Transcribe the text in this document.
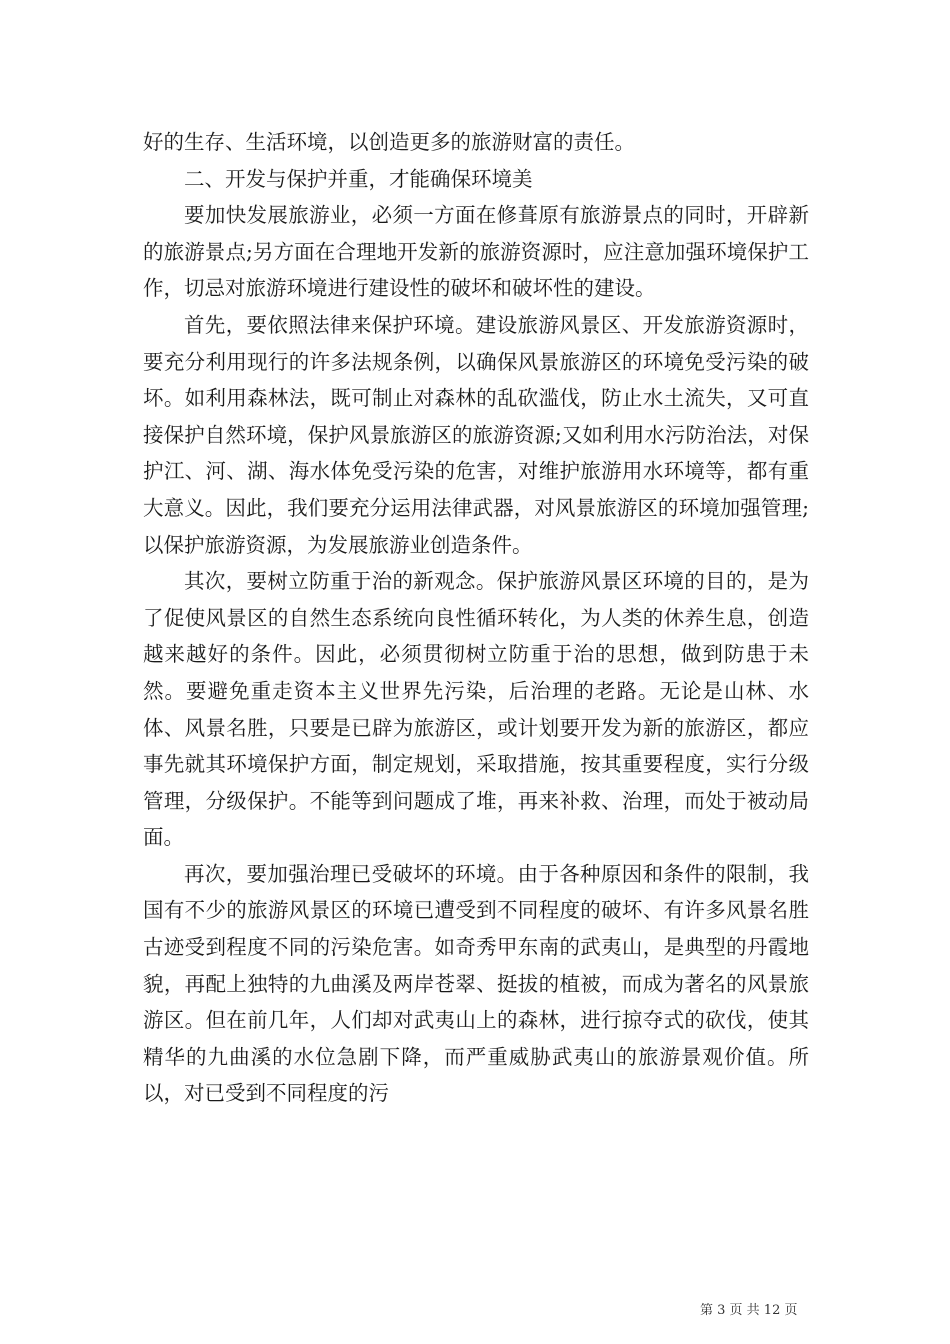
好的生存、生活环境，以创造更多的旅游财富的责任。

二、开发与保护并重，才能确保环境美

要加快发展旅游业，必须一方面在修葺原有旅游景点的同时，开辟新的旅游景点;另方面在合理地开发新的旅游资源时，应注意加强环境保护工作，切忌对旅游环境进行建设性的破坏和破坏性的建设。

首先，要依照法律来保护环境。建设旅游风景区、开发旅游资源时，要充分利用现行的许多法规条例，以确保风景旅游区的环境免受污染的破坏。如利用森林法，既可制止对森林的乱砍滥伐，防止水土流失，又可直接保护自然环境，保护风景旅游区的旅游资源;又如利用水污防治法，对保护江、河、湖、海水体免受污染的危害，对维护旅游用水环境等，都有重大意义。因此，我们要充分运用法律武器，对风景旅游区的环境加强管理;以保护旅游资源，为发展旅游业创造条件。

其次，要树立防重于治的新观念。保护旅游风景区环境的目的，是为了促使风景区的自然生态系统向良性循环转化，为人类的休养生息，创造越来越好的条件。因此，必须贯彻树立防重于治的思想，做到防患于未然。要避免重走资本主义世界先污染，后治理的老路。无论是山林、水体、风景名胜，只要是已辟为旅游区，或计划要开发为新的旅游区，都应事先就其环境保护方面，制定规划，采取措施，按其重要程度，实行分级管理，分级保护。不能等到问题成了堆，再来补救、治理，而处于被动局面。

再次，要加强治理已受破坏的环境。由于各种原因和条件的限制，我国有不少的旅游风景区的环境已遭受到不同程度的破坏、有许多风景名胜古迹受到程度不同的污染危害。如奇秀甲东南的武夷山，是典型的丹霞地貌，再配上独特的九曲溪及两岸苍翠、挺拔的植被，而成为著名的风景旅游区。但在前几年，人们却对武夷山上的森林，进行掠夺式的砍伐，使其精华的九曲溪的水位急剧下降，而严重威胁武夷山的旅游景观价值。所以，对已受到不同程度的污

第 3 页 共 12 页
